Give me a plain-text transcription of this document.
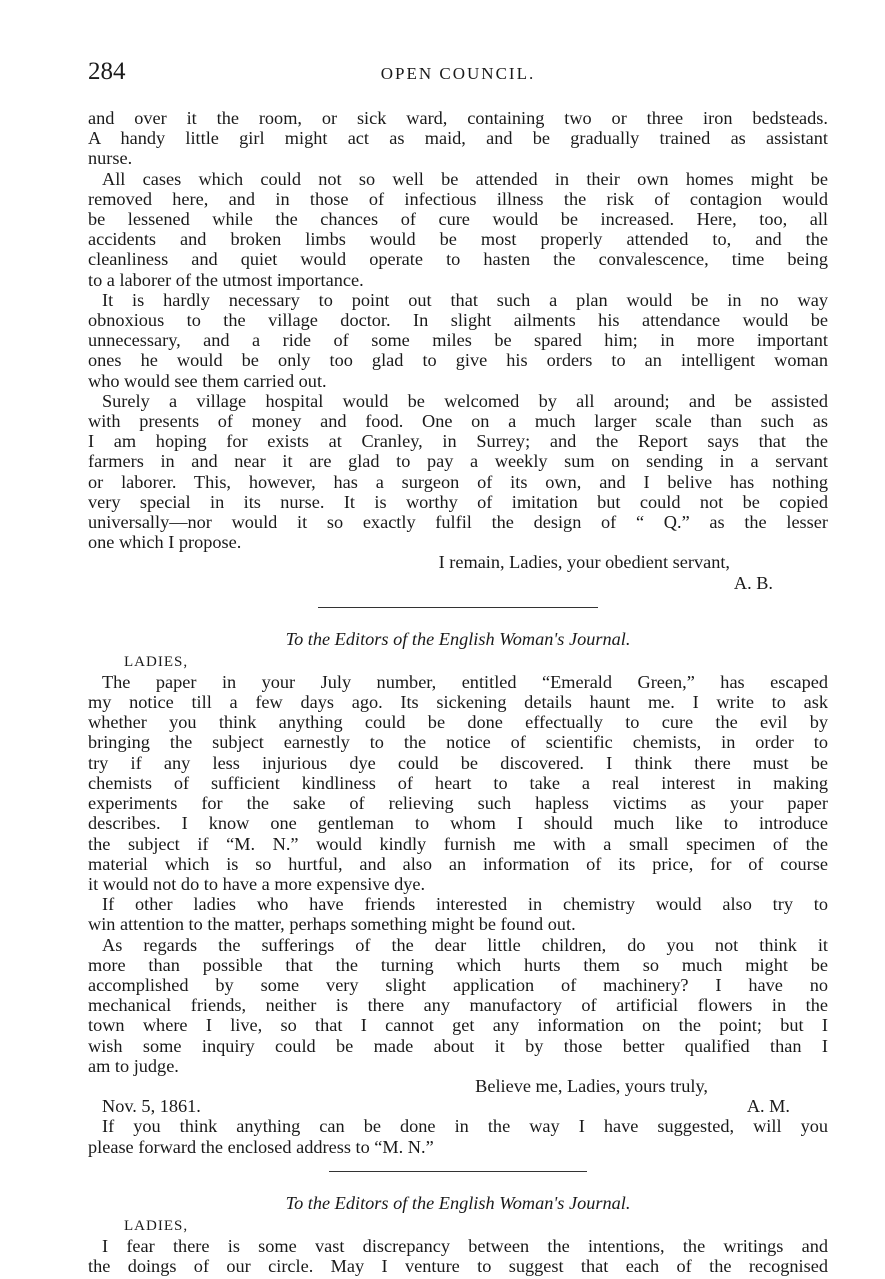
284	OPEN COUNCIL.
and over it the room, or sick ward, containing two or three iron bedsteads.
A handy little girl might act as maid, and be gradually trained as assistant
nurse.
All cases which could not so well be attended in their own homes might be
removed here, and in those of infectious illness the risk of contagion would
be lessened while the chances of cure would be increased. Here, too, all
accidents and broken limbs would be most properly attended to, and the
cleanliness and quiet would operate to hasten the convalescence, time being
to a laborer of the utmost importance.
It is hardly necessary to point out that such a plan would be in no way
obnoxious to the village doctor. In slight ailments his attendance would be
unnecessary, and a ride of some miles be spared him; in more important
ones he would be only too glad to give his orders to an intelligent woman
who would see them carried out.
Surely a village hospital would be welcomed by all around; and be assisted
with presents of money and food. One on a much larger scale than such as
I am hoping for exists at Cranley, in Surrey; and the Report says that the
farmers in and near it are glad to pay a weekly sum on sending in a servant
or laborer. This, however, has a surgeon of its own, and I belive has nothing
very special in its nurse. It is worthy of imitation but could not be copied
universally—nor would it so exactly fulfil the design of “ Q.” as the lesser
one which I propose.
I remain, Ladies, your obedient servant,
A. B.
To the Editors of the English Woman's Journal.
LADIES,
The paper in your July number, entitled “Emerald Green,” has escaped
my notice till a few days ago. Its sickening details haunt me. I write to ask
whether you think anything could be done effectually to cure the evil by
bringing the subject earnestly to the notice of scientific chemists, in order to
try if any less injurious dye could be discovered. I think there must be
chemists of sufficient kindliness of heart to take a real interest in making
experiments for the sake of relieving such hapless victims as your paper
describes. I know one gentleman to whom I should much like to introduce
the subject if “M. N.” would kindly furnish me with a small specimen of the
material which is so hurtful, and also an information of its price, for of course
it would not do to have a more expensive dye.
If other ladies who have friends interested in chemistry would also try to
win attention to the matter, perhaps something might be found out.
As regards the sufferings of the dear little children, do you not think it
more than possible that the turning which hurts them so much might be
accomplished by some very slight application of machinery? I have no
mechanical friends, neither is there any manufactory of artificial flowers in the
town where I live, so that I cannot get any information on the point; but I
wish some inquiry could be made about it by those better qualified than I
am to judge.
Believe me, Ladies, yours truly,
Nov. 5, 1861.	A. M.
If you think anything can be done in the way I have suggested, will you
please forward the enclosed address to “M. N.”
To the Editors of the English Woman's Journal.
LADIES,
I fear there is some vast discrepancy between the intentions, the writings and
the doings of our circle. May I venture to suggest that each of the recognised
